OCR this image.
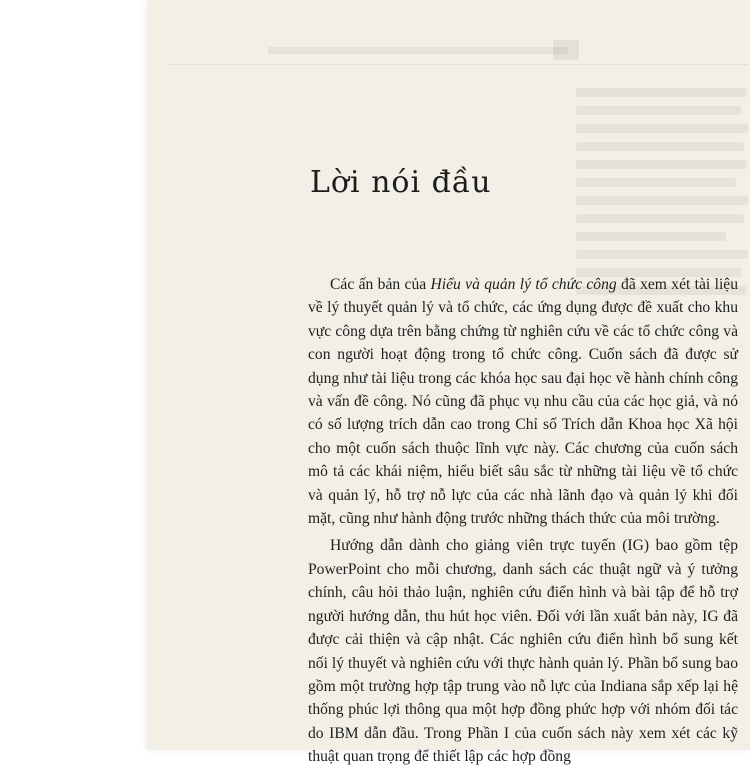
Lời nói đầu

Các ấn bản của Hiểu và quản lý tổ chức công đã xem xét tài liệu về lý thuyết quản lý và tổ chức, các ứng dụng được đề xuất cho khu vực công dựa trên bằng chứng từ nghiên cứu về các tổ chức công và con người hoạt động trong tổ chức công. Cuốn sách đã được sử dụng như tài liệu trong các khóa học sau đại học về hành chính công và vấn đề công. Nó cũng đã phục vụ nhu cầu của các học giả, và nó có số lượng trích dẫn cao trong Chỉ số Trích dẫn Khoa học Xã hội cho một cuốn sách thuộc lĩnh vực này. Các chương của cuốn sách mô tả các khái niệm, hiểu biết sâu sắc từ những tài liệu về tổ chức và quản lý, hỗ trợ nỗ lực của các nhà lãnh đạo và quản lý khi đối mặt, cũng như hành động trước những thách thức của môi trường.

Hướng dẫn dành cho giảng viên trực tuyến (IG) bao gồm tệp PowerPoint cho mỗi chương, danh sách các thuật ngữ và ý tưởng chính, câu hỏi thảo luận, nghiên cứu điển hình và bài tập để hỗ trợ người hướng dẫn, thu hút học viên. Đối với lần xuất bản này, IG đã được cải thiện và cập nhật. Các nghiên cứu điển hình bổ sung kết nối lý thuyết và nghiên cứu với thực hành quản lý. Phần bổ sung bao gồm một trường hợp tập trung vào nỗ lực của Indiana sắp xếp lại hệ thống phúc lợi thông qua một hợp đồng phức hợp với nhóm đối tác do IBM dẫn đầu. Trong Phần I của cuốn sách này xem xét các kỹ thuật quan trọng để thiết lập các hợp đồng
